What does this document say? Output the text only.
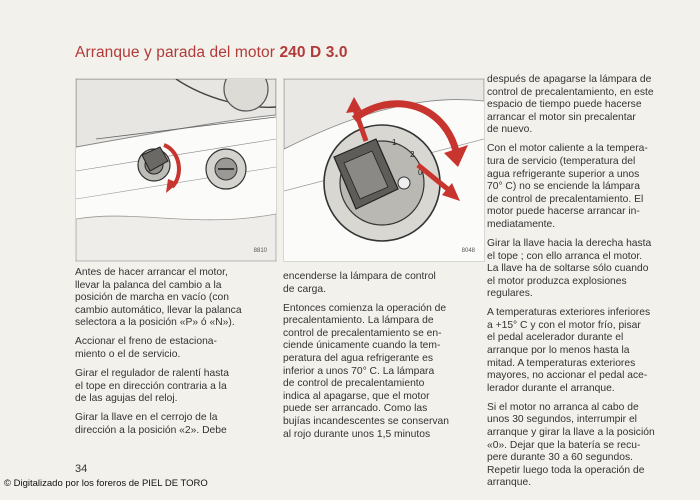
Arranque y parada del motor 240 D 3.0
8810
1
2
0
8048

Antes de hacer arrancar el motor,
llevar la palanca del cambio a la
posición de marcha en vacío (con
cambio automático, llevar la palanca
selectora a la posición «P» ó «N»).

Accionar el freno de estaciona-
miento o el de servicio.

Girar el regulador de ralentí hasta
el tope en dirección contraria a la
de las agujas del reloj.

Girar la llave en el cerrojo de la
dirección a la posición «2». Debe

encenderse la lámpara de control
de carga.

Entonces comienza la operación de
precalentamiento. La lámpara de
control de precalentamiento se en-
ciende únicamente cuando la tem-
peratura del agua refrigerante es
inferior a unos 70° C. La lámpara
de control de precalentamiento
indica al apagarse, que el motor
puede ser arrancado. Como las
bujías incandescentes se conservan
al rojo durante unos 1,5 minutos

después de apagarse la lámpara de
control de precalentamiento, en este
espacio de tiempo puede hacerse
arrancar el motor sin precalentar
de nuevo.

Con el motor caliente a la tempera-
tura de servicio (temperatura del
agua refrigerante superior a unos
70° C) no se enciende la lámpara
de control de precalentamiento. El
motor puede hacerse arrancar in-
mediatamente.

Girar la llave hacia la derecha hasta
el tope ; con ello arranca el motor.
La llave ha de soltarse sólo cuando
el motor produzca explosiones
regulares.

A temperaturas exteriores inferiores
a +15° C y con el motor frío, pisar
el pedal acelerador durante el
arranque por lo menos hasta la
mitad. A temperaturas exteriores
mayores, no accionar el pedal ace-
lerador durante el arranque.

Si el motor no arranca al cabo de
unos 30 segundos, interrumpir el
arranque y girar la llave a la posición
«0». Dejar que la batería se recu-
pere durante 30 a 60 segundos.
Repetir luego toda la operación de
arranque.

34
© Digitalizado por los foreros de PIEL DE TORO
